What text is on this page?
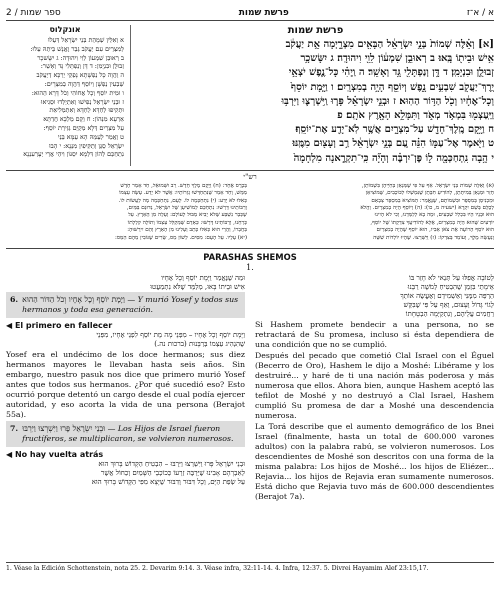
2 / ספר שמות	פרשת שמות	א / א־ז
אונקלוס
א וְאִלֵּין שְׁמָהַת בְּנֵי יִשְׂרָאֵל דְּעַלוּ
לְמִצְרַיִם עִם יַעֲקֹב גְּבַר וֶאֱנָשׁ בֵּיתֵהּ עַלוּ:
ב רְאוּבֵן שִׁמְעוֹן לֵוִי וִיהוּדָה: ג יִשָּׂשכָר
זְבוּלֻן וּבִנְיָמִן: ד דָּן וְנַפְתָּלִי גָּד וְאָשֵׁר:
ה וַהֲוָה כָּל נַפְשָׁתָא נָפְקֵי יַרְכָּא דְיַעֲקֹב
שַׁבְעִין נַפְשָׁן וְיוֹסֵף דַּהֲוָה בְמִצְרָיִם:
ו וּמִית יוֹסֵף וְכָל אֲחוֹהִי וְכֹל דָּרָא הַהוּא:
ז וּבְנֵי יִשְׂרָאֵל נְפִישׁוּ וְאִתְיַלְדוּ וּסְגִיאוּ
וּתְקִיפוּ לַחְדָּא לַחְדָּא וְאִתְמְלִיאַת
אַרְעָא מִנְּהוֹן: ח וְקָם מַלְכָּא חֲדַתָּא
עַל מִצְרַיִם דְּלָא מְקַיֵּם גְּזֵירַת יוֹסֵף:
ט וַאֲמַר לְעַמֵּהּ הָא עַמָּא בְּנֵי
יִשְׂרָאֵל סַגַּן וְתַקִּיפִין מִנַּנָא: י הָבוּ
נִתְחַכַּם לְהוֹן דִּלְמָא יִסְגּוֹן וִיהֵי אֲרֵי יְעָרְעִנַנָא
פרשת שמות
[א] וְאֵ֗לֶּה שְׁמוֹת֙ בְּנֵ֣י יִשְׂרָאֵ֔ל הַבָּאִ֖ים מִצְרָ֑יְמָה אֵ֣ת יַעֲקֹ֔ב
אִ֥ישׁ וּבֵית֖וֹ בָּֽאוּ׃ ב רְאוּבֵ֣ן שִׁמְע֔וֹן לֵוִ֖י וִיהוּדָֽה׃ ג יִשָּׂשכָ֥ר
זְבוּלֻ֖ן וּבִנְיָמִֽן׃ ד דָּ֥ן וְנַפְתָּלִ֖י גָּ֥ד וְאָשֵֽׁר׃ ה וַֽיְהִ֗י כָּל־נֶ֛פֶשׁ יֹצְאֵ֥י
יֶֽרֶךְ־יַעֲקֹ֖ב שִׁבְעִ֣ים נָ֑פֶשׁ וְיוֹסֵ֖ף הָיָ֥ה בְמִצְרָֽיִם׃ ו וַיָּ֤מָת יוֹסֵף֙
וְכָל־אֶחָ֔יו וְכֹ֖ל הַדּ֥וֹר הַהֽוּא׃ ז וּבְנֵ֣י יִשְׂרָאֵ֗ל פָּר֧וּ וַֽיִּשְׁרְצ֛וּ וַיִּרְבּ֥וּ
וַיַּֽעַצְמ֖וּ בִּמְאֹ֣ד מְאֹ֑ד וַתִּמָּלֵ֥א הָאָ֖רֶץ אֹתָֽם׃ פ
ח וַיָּ֥קָם מֶֽלֶךְ־חָדָ֖שׁ עַל־מִצְרָ֑יִם אֲשֶׁ֥ר לֹֽא־יָדַ֖ע אֶת־יוֹסֵֽף׃
ט וַיֹּ֖אמֶר אֶל־עַמּ֑וֹ הִנֵּ֗ה עַ֚ם בְּנֵ֣י יִשְׂרָאֵ֔ל רַ֥ב וְעָצ֖וּם מִמֶּֽנּוּ׃
י הָ֥בָה נִֽתְחַכְּמָ֖ה ל֑וֹ פֶּן־יִרְבֶּ֗ה וְהָיָ֞ה כִּֽי־תִקְרֶ֤אנָה מִלְחָמָה֙
רש"י
(א) וְאֵלֶּה שְׁמוֹת בְּנֵי יִשְׂרָאֵל. אַף עַל פִּי שֶׁמְּנָאָן בְּחַיֵּיהֶן בִּשְׁמוֹתָן,
חָזַר וּמְנָאָן בְּמִיתָתָן, לְהוֹדִיעַ חִבָּתָן שֶׁנִּמְשְׁלוּ לַכּוֹכָבִים, שֶׁמּוֹצִיאָן
וּמַכְנִיסָן בְּמִסְפָּר וּבִשְׁמוֹתָם, שֶׁנֶּאֱמַר: הַמּוֹצִיא בְמִסְפָּר צְבָאָם
לְכֻלָּם בְּשֵׁם יִקְרָא (ישעיה מ, כו): (ה) וְיוֹסֵף הָיָה בְמִצְרָיִם. וַהֲלֹא
הוּא וּבָנָיו הָיוּ בִּכְלַל שִׁבְעִים, וּמָה בָא לְלַמְּדֵנוּ, וְכִי לֹא הָיִינוּ
יוֹדְעִים שֶׁהוּא הָיָה בְמִצְרַיִם, אֶלָּא לְהוֹדִיעֲךָ צִדְקָתוֹ שֶׁל יוֹסֵף,
הוּא יוֹסֵף הָרוֹעֶה אֶת צֹאן אָבִיו, הוּא יוֹסֵף שֶׁהָיָה בְמִצְרַיִם
וְנַעֲשָׂה מֶלֶךְ, וְעוֹמֵד בְּצִדְקוֹ: (ז) וַיִּשְׁרְצוּ. שֶׁהָיוּ יוֹלְדוֹת שִׁשָּׁה
בְּכֶרֶס אֶחָד: (ח) וַיָּקָם מֶלֶךְ חָדָשׁ. רַב וּשְׁמוּאֵל, חַד אָמַר חָדָשׁ
מַמָּשׁ, וְחַד אָמַר שֶׁנִּתְחַדְּשׁוּ גְזֵרוֹתָיו: אֲשֶׁר לֹא יָדַע. עָשָׂה עַצְמוֹ
כְּאִלּוּ לֹא יָדַע: (י) נִתְחַכְּמָה לוֹ. לָעָם, נִתְחַכְּמָה מָה לַעֲשׂוֹת לוֹ.
וְרַבּוֹתֵינוּ דָּרְשׁוּ: נִתְחַכֵּם לְמוֹשִׁיעָן שֶׁל יִשְׂרָאֵל, נְדוּנֵם בַּמַּיִם,
שֶׁכְּבָר נִשְׁבַּע שֶׁלֹּא יָבִיא מַבּוּל לָעוֹלָם: וְעָלָה מִן הָאָרֶץ. עַל
כָּרְחֵנוּ, וְרַבּוֹתֵינוּ דָּרְשׁוּ: כְּאָדָם שֶׁמְּקַלֵּל עַצְמוֹ וְתוֹלֶה קִלְלָתוֹ
בַּחֲבֵרוֹ, וַהֲרֵי הוּא כְּאִלּוּ כָּתַב וְעָלִינוּ מִן הָאָרֶץ וְהֵם יִירָשׁוּהָ:
(יא) עָלָיו. עַל הָעָם: מִסִּים. לְשׁוֹן מַס, שָׂרִים שֶׁגּוֹבִין מֵהֶם הַמַּס:
PARASHAS SHEMOS
1.
וּמַה שֶׁנֶּאֱמַר וַיָּמָת יוֹסֵף וְכָל אֶחָיו
אִישׁ וּבֵיתוֹ בָּאוּ, מְלַמֵּד שֶׁלֹּא נִתְמַעֲטוּ
6. וַיָּמָת יוֹסֵף וְכָל אֶחָיו וְכֹל הַדּוֹר הַהוּא — Y murió Yosef y todos sus hermanos y toda esa generación.
◀ El primero en fallecer
וַיָּמָת יוֹסֵף וְכָל אֶחָיו – מִפְּנֵי מָה מֵת יוֹסֵף לִפְנֵי אֶחָיו, מִפְּנֵי
שֶׁהִנְהִיג עַצְמוֹ בְּרַבָּנוּת (ברכות נה.)
Yosef era el undécimo de los doce hermanos; sus diez hermanos mayores le llevaban hasta seis años. Sin embargo, nuestro pasuk nos dice que primero murió Yosef antes que todos sus hermanos. ¿Por qué sucedió eso? Esto ocurrió porque detentó un cargo desde el cual podía ejercer autoridad, y eso acorta la vida de una persona (Berajot 55a).
7. וּבְנֵי יִשְׂרָאֵל פָּרוּ וַיִּשְׁרְצוּ וַיִּרְבּוּ — Los Hijos de Israel fueron fructíferos, se multiplicaron, se volvieron numerosos.
◀ No hay vuelta atrás
וּבְנֵי יִשְׂרָאֵל פָּרוּ וַיִּשְׁרְצוּ וַיִּרְבּוּ – הִבְטִיחַ הַקָּדוֹשׁ בָּרוּךְ הוּא
לְאַבְרָהָם אָבִינוּ שֶׁיַּרְבֶּה זַרְעוֹ כְּכוֹכְבֵי הַשָּׁמַיִם וְכַחוֹל אֲשֶׁר
עַל שְׂפַת הַיָּם, וְכָל דִּבּוּר וְדִבּוּר שֶׁיָּצָא מִפִּי הַקָּדוֹשׁ בָּרוּךְ הוּא
לְטוֹבָה אֲפִלּוּ עַל תְּנַאי לֹא חָזַר בּוֹ
אֵימָתַי בִּזְמַן שֶׁהִבְטִיחַ לְמֹשֶׁה רַבֵּנוּ
הַרְפֵּה מִמֶּנִּי וְאַשְׁמִידֵם וְאֶעֱשֶׂה אוֹתְךָ
לְגוֹי גָּדוֹל וְעָצוּם, וְאַף עַל פִּי שֶׁבִּקֵּשׁ
רַחֲמִים עֲלֵיהֶם, וְנִתְקַיְּמָה הַבְטָחָתוֹ
Si Hashem promete bendecir a una persona, no se retractará de Su promesa, incluso si ésta dependiera de una condición que no se cumplió.
Después del pecado que cometió Clal Israel con el Éguel (Becerro de Oro), Hashem le dijo a Moshé: Libérame y los destruiré... y haré de ti una nación más poderosa y más numerosa que ellos. Ahora bien, aunque Hashem aceptó las tefilot de Moshé y no destruyó a Clal Israel, Hashem cumplió Su promesa de dar a Moshé una descendencia numerosa.
La Torá describe que el aumento demográfico de los Bnei Israel (finalmente, hasta un total de 600.000 varones adultos) con la palabra rabú, se volvieron numerosos. Los descendientes de Moshé son descritos con una forma de la misma palabra: Los hijos de Moshé... los hijos de Eliézer... Rejavia... los hijos de Rejavia eran sumamente numerosos. Está dicho que Rejavia tuvo más de 600.000 descendientes (Berajot 7a).
1. Véase la Edición Schottenstein, nota 25. 2. Devarim 9:14. 3. Véase infra, 32:11-14. 4. Infra, 12:37. 5. Divrei Hayamim Alef 23:15,17.
